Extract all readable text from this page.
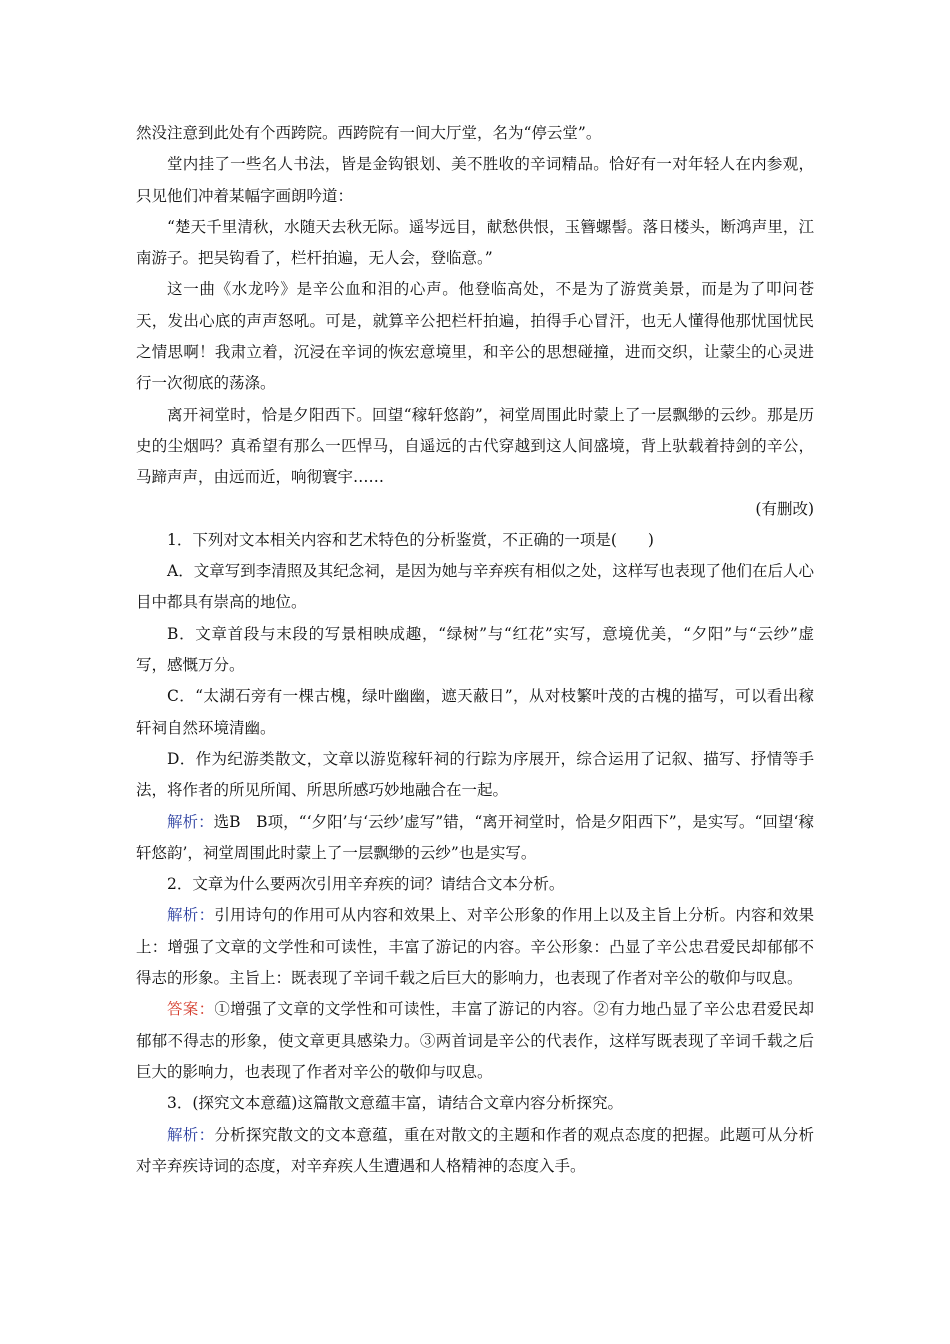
然没注意到此处有个西跨院。西跨院有一间大厅堂，名为“停云堂”。

堂内挂了一些名人书法，皆是金钩银划、美不胜收的辛词精品。恰好有一对年轻人在内参观，只见他们冲着某幅字画朗吟道：

“楚天千里清秋，水随天去秋无际。遥岑远目，献愁供恨，玉簪螺髻。落日楼头，断鸿声里，江南游子。把吴钩看了，栏杆拍遍，无人会，登临意。”

这一曲《水龙吟》是辛公血和泪的心声。他登临高处，不是为了游赏美景，而是为了叩问苍天，发出心底的声声怒吼。可是，就算辛公把栏杆拍遍，拍得手心冒汗，也无人懂得他那忧国忧民之情思啊！我肃立着，沉浸在辛词的恢宏意境里，和辛公的思想碰撞，进而交织，让蒙尘的心灵进行一次彻底的荡涤。

离开祠堂时，恰是夕阳西下。回望“稼轩悠韵”，祠堂周围此时蒙上了一层飘缈的云纱。那是历史的尘烟吗？真希望有那么一匹悍马，自遥远的古代穿越到这人间盛境，背上驮载着持剑的辛公，马蹄声声，由远而近，响彻寰宇……

(有删改)

1．下列对文本相关内容和艺术特色的分析鉴赏，不正确的一项是(　　)

A．文章写到李清照及其纪念祠，是因为她与辛弃疾有相似之处，这样写也表现了他们在后人心目中都具有崇高的地位。

B．文章首段与末段的写景相映成趣，“绿树”与“红花”实写，意境优美，“夕阳”与“云纱”虚写，感慨万分。

C．“太湖石旁有一棵古槐，绿叶幽幽，遮天蔽日”，从对枝繁叶茂的古槐的描写，可以看出稼轩祠自然环境清幽。

D．作为纪游类散文，文章以游览稼轩祠的行踪为序展开，综合运用了记叙、描写、抒情等手法，将作者的所见所闻、所思所感巧妙地融合在一起。

解析：选B　B项，“‘夕阳’与‘云纱’虚写”错，“离开祠堂时，恰是夕阳西下”，是实写。“回望‘稼轩悠韵’，祠堂周围此时蒙上了一层飘缈的云纱”也是实写。

2．文章为什么要两次引用辛弃疾的词？请结合文本分析。

解析：引用诗句的作用可从内容和效果上、对辛公形象的作用上以及主旨上分析。内容和效果上：增强了文章的文学性和可读性，丰富了游记的内容。辛公形象：凸显了辛公忠君爱民却郁郁不得志的形象。主旨上：既表现了辛词千载之后巨大的影响力，也表现了作者对辛公的敬仰与叹息。

答案：①增强了文章的文学性和可读性，丰富了游记的内容。②有力地凸显了辛公忠君爱民却郁郁不得志的形象，使文章更具感染力。③两首词是辛公的代表作，这样写既表现了辛词千载之后巨大的影响力，也表现了作者对辛公的敬仰与叹息。

3．(探究文本意蕴)这篇散文意蕴丰富，请结合文章内容分析探究。

解析：分析探究散文的文本意蕴，重在对散文的主题和作者的观点态度的把握。此题可从分析对辛弃疾诗词的态度，对辛弃疾人生遭遇和人格精神的态度入手。
